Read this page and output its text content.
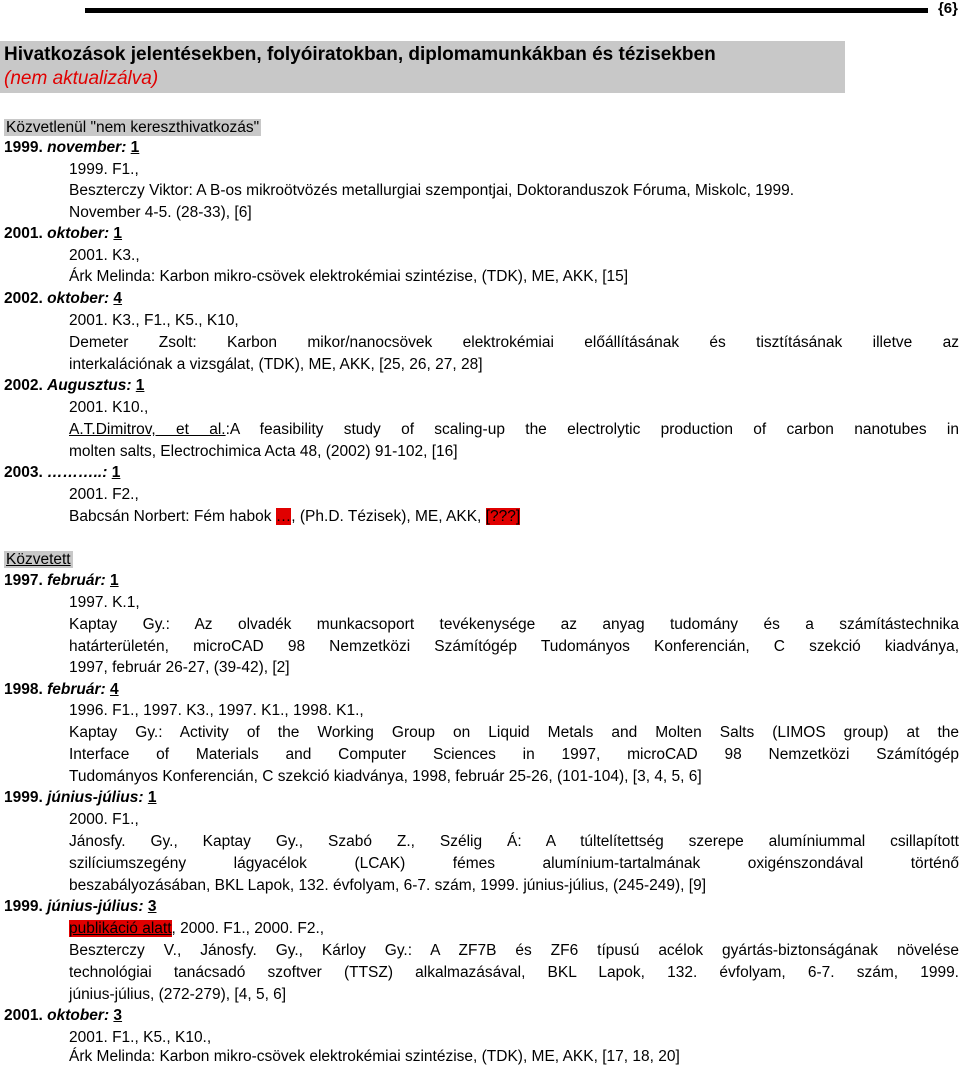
{6}
Hivatkozások jelentésekben, folyóiratokban, diplomamunkákban és tézisekben
(nem aktualizálva)
Közvetlenül "nem kereszthivatkozás"
1999. november: 1
1999. F1.,
Beszterczy Viktor: A B-os mikroötvözés metallurgiai szempontjai, Doktoranduszok Fóruma, Miskolc, 1999.
November 4-5. (28-33), [6]
2001. oktober: 1
2001. K3.,
Árk Melinda: Karbon mikro-csövek elektrokémiai szintézise, (TDK), ME, AKK, [15]
2002. oktober: 4
2001. K3., F1., K5., K10,
Demeter Zsolt: Karbon mikor/nanocsövek elektrokémiai előállításának és tisztításának illetve az
interkalációnak a vizsgálat, (TDK), ME, AKK, [25, 26, 27, 28]
2002. Augusztus: 1
2001. K10.,
A.T.Dimitrov, et al.:A feasibility study of scaling-up the electrolytic production of carbon nanotubes in
molten salts, Electrochimica Acta 48, (2002) 91-102, [16]
2003. ………..: 1
2001. F2.,
Babcsán Norbert: Fém habok …, (Ph.D. Tézisek), ME, AKK, [???]
Közvetett
1997. február: 1
1997. K.1,
Kaptay Gy.: Az olvadék munkacsoport tevékenysége az anyag tudomány és a számítástechnika
határterületén, microCAD 98 Nemzetközi Számítógép Tudományos Konferencián, C szekció kiadványa,
1997, február 26-27, (39-42), [2]
1998. február: 4
1996. F1., 1997. K3., 1997. K1., 1998. K1.,
Kaptay Gy.: Activity of the Working Group on Liquid Metals and Molten Salts (LIMOS group) at the
Interface of Materials and Computer Sciences in 1997, microCAD 98 Nemzetközi Számítógép
Tudományos Konferencián, C szekció kiadványa, 1998, február 25-26, (101-104), [3, 4, 5, 6]
1999. június-július: 1
2000. F1.,
Jánosfy. Gy., Kaptay Gy., Szabó Z., Szélig Á: A túltelítettség szerepe alumíniummal csillapított
szilíciumszegény lágyacélok (LCAK) fémes alumínium-tartalmának oxigénszondával történő
beszabályozásában, BKL Lapok, 132. évfolyam, 6-7. szám, 1999. június-július, (245-249), [9]
1999. június-július: 3
publikáció alatt, 2000. F1., 2000. F2.,
Beszterczy V., Jánosfy. Gy., Kárloy Gy.: A ZF7B és ZF6 típusú acélok gyártás-biztonságának növelése
technológiai tanácsadó szoftver (TTSZ) alkalmazásával, BKL Lapok, 132. évfolyam, 6-7. szám, 1999.
június-július, (272-279), [4, 5, 6]
2001. oktober: 3
2001. F1., K5., K10.,
Árk Melinda: Karbon mikro-csövek elektrokémiai szintézise, (TDK), ME, AKK, [17, 18, 20]
